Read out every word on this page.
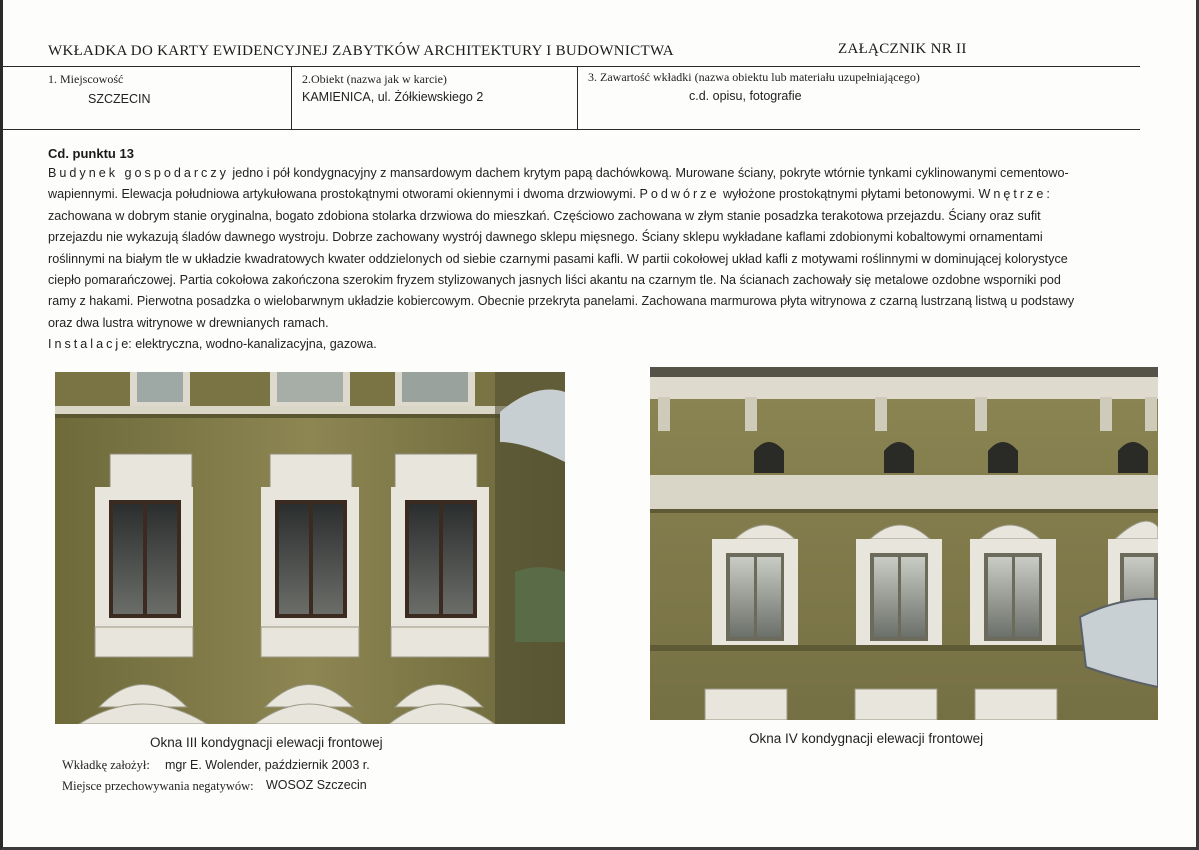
WKŁADKA DO KARTY EWIDENCYJNEJ ZABYTKÓW ARCHITEKTURY I BUDOWNICTWA	ZAŁĄCZNIK NR II
1. Miejscowość
SZCZECIN
2.Obiekt (nazwa jak w karcie)
KAMIENICA, ul. Żółkiewskiego 2
3. Zawartość wkładki (nazwa obiektu lub materiału uzupełniającego)
c.d. opisu, fotografie
Cd. punktu 13
Budynek gospodarczy jedno i pół kondygnacyjny z mansardowym dachem krytym papą dachówkową. Murowane ściany, pokryte wtórnie tynkami cyklinowanymi cementowo-wapiennymi. Elewacja południowa artykułowana prostokątnymi otworami okiennymi i dwoma drzwiowymi. Podwórze wyłożone prostokątnymi płytami betonowymi. Wnętrze: zachowana w dobrym stanie oryginalna, bogato zdobiona stolarka drzwiowa do mieszkań. Częściowo zachowana w złym stanie posadzka terakotowa przejazdu. Ściany oraz sufit przejazdu nie wykazują śladów dawnego wystroju. Dobrze zachowany wystrój dawnego sklepu mięsnego. Ściany sklepu wykładane kaflami zdobionymi kobaltowymi ornamentami roślinnymi na białym tle w układzie kwadratowych kwater oddzielonych od siebie czarnymi pasami kafli. W partii cokołowej układ kafli z motywami roślinnymi w dominującej kolorystyce ciepło pomarańczowej. Partia cokołowa zakończona szerokim fryzem stylizowanych jasnych liści akantu na czarnym tle. Na ścianach zachowały się metalowe ozdobne wsporniki pod ramy z hakami. Pierwotna posadzka o wielobarwnym układzie kobiercowym. Obecnie przekryta panelami. Zachowana marmurowa płyta witrynowa z czarną lustrzaną listwą u podstawy oraz dwa lustra witrynowe w drewnianych ramach.
Instalacje: elektryczna, wodno-kanalizacyjna, gazowa.
Okna III kondygnacji elewacji frontowej	Okna IV kondygnacji elewacji frontowej
Wkładkę założył: mgr E. Wolender, październik 2003 r.
Miejsce przechowywania negatywów: WOSOZ Szczecin
